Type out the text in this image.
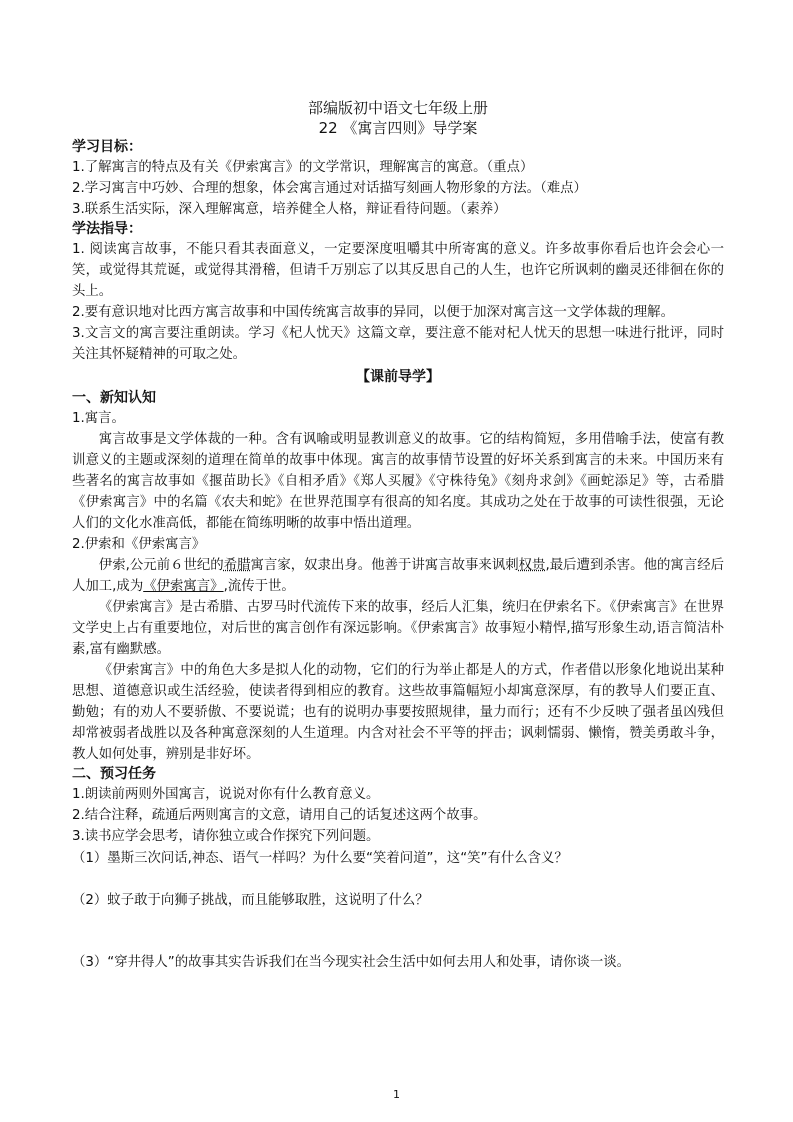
部编版初中语文七年级上册
22 《寓言四则》导学案
学习目标：
1.了解寓言的特点及有关《伊索寓言》的文学常识，理解寓言的寓意。（重点）
2.学习寓言中巧妙、合理的想象，体会寓言通过对话描写刻画人物形象的方法。（难点）
3.联系生活实际，深入理解寓意，培养健全人格，辩证看待问题。（素养）
学法指导：
1. 阅读寓言故事，不能只看其表面意义，一定要深度咀嚼其中所寄寓的意义。许多故事你看后也许会会心一笑，或觉得其荒诞，或觉得其滑稽，但请千万别忘了以其反思自己的人生，也许它所讽刺的幽灵还徘徊在你的头上。
2.要有意识地对比西方寓言故事和中国传统寓言故事的异同，以便于加深对寓言这一文学体裁的理解。
3.文言文的寓言要注重朗读。学习《杞人忧天》这篇文章，要注意不能对杞人忧天的思想一味进行批评，同时关注其怀疑精神的可取之处。
【课前导学】
一、新知认知
1.寓言。
寓言故事是文学体裁的一种。含有讽喻或明显教训意义的故事。它的结构简短，多用借喻手法，使富有教训意义的主题或深刻的道理在简单的故事中体现。寓言的故事情节设置的好坏关系到寓言的未来。中国历来有些著名的寓言故事如《揠苗助长》《自相矛盾》《郑人买履》《守株待兔》《刻舟求剑》《画蛇添足》等，古希腊《伊索寓言》中的名篇《农夫和蛇》在世界范围享有很高的知名度。其成功之处在于故事的可读性很强，无论人们的文化水准高低，都能在简练明晰的故事中悟出道理。
2.伊索和《伊索寓言》
伊索,公元前６世纪的希腊寓言家，奴隶出身。他善于讲寓言故事来讽刺权贵,最后遭到杀害。他的寓言经后人加工,成为《伊索寓言》,流传于世。
《伊索寓言》是古希腊、古罗马时代流传下来的故事，经后人汇集，统归在伊索名下。《伊索寓言》在世界文学史上占有重要地位，对后世的寓言创作有深远影响。《伊索寓言》故事短小精悍,描写形象生动,语言简洁朴素,富有幽默感。
《伊索寓言》中的角色大多是拟人化的动物，它们的行为举止都是人的方式，作者借以形象化地说出某种思想、道德意识或生活经验，使读者得到相应的教育。这些故事篇幅短小却寓意深厚，有的教导人们要正直、勤勉；有的劝人不要骄傲、不要说谎；也有的说明办事要按照规律，量力而行；还有不少反映了强者虽凶残但却常被弱者战胜以及各种寓意深刻的人生道理。内含对社会不平等的抨击；讽刺懦弱、懒惰，赞美勇敢斗争，教人如何处事，辨别是非好坏。
二、预习任务
1.朗读前两则外国寓言，说说对你有什么教育意义。
2.结合注释，疏通后两则寓言的文意，请用自己的话复述这两个故事。
3.读书应学会思考，请你独立或合作探究下列问题。
（1）墨斯三次问话,神态、语气一样吗？为什么要“笑着问道”，这“笑”有什么含义？
（2）蚊子敢于向狮子挑战，而且能够取胜，这说明了什么？
（3）“穿井得人”的故事其实告诉我们在当今现实社会生活中如何去用人和处事，请你谈一谈。
1
